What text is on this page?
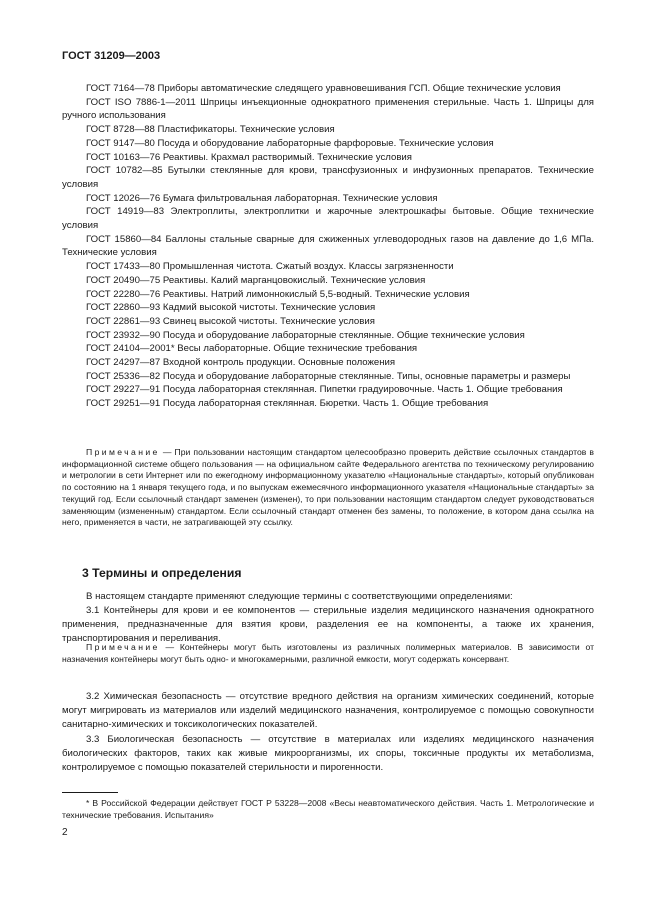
ГОСТ 31209—2003

ГОСТ 7164—78 Приборы автоматические следящего уравновешивания ГСП. Общие технические условия

ГОСТ ISO 7886-1—2011 Шприцы инъекционные однократного применения стерильные. Часть 1. Шприцы для ручного использования

ГОСТ 8728—88 Пластификаторы. Технические условия

ГОСТ 9147—80 Посуда и оборудование лабораторные фарфоровые. Технические условия

ГОСТ 10163—76 Реактивы. Крахмал растворимый. Технические условия

ГОСТ 10782—85 Бутылки стеклянные для крови, трансфузионных и инфузионных препаратов. Технические условия

ГОСТ 12026—76 Бумага фильтровальная лабораторная. Технические условия

ГОСТ 14919—83 Электроплиты, электроплитки и жарочные электрошкафы бытовые. Общие технические условия

ГОСТ 15860—84 Баллоны стальные сварные для сжиженных углеводородных газов на давление до 1,6 МПа. Технические условия

ГОСТ 17433—80 Промышленная чистота. Сжатый воздух. Классы загрязненности

ГОСТ 20490—75 Реактивы. Калий марганцовокислый. Технические условия

ГОСТ 22280—76 Реактивы. Натрий лимоннокислый 5,5-водный. Технические условия

ГОСТ 22860—93 Кадмий высокой чистоты. Технические условия

ГОСТ 22861—93 Свинец высокой чистоты. Технические условия

ГОСТ 23932—90 Посуда и оборудование лабораторные стеклянные. Общие технические условия

ГОСТ 24104—2001* Весы лабораторные. Общие технические требования

ГОСТ 24297—87 Входной контроль продукции. Основные положения

ГОСТ 25336—82 Посуда и оборудование лабораторные стеклянные. Типы, основные параметры и размеры

ГОСТ 29227—91 Посуда лабораторная стеклянная. Пипетки градуировочные. Часть 1. Общие требования

ГОСТ 29251—91 Посуда лабораторная стеклянная. Бюретки. Часть 1. Общие требования

Примечание — При пользовании настоящим стандартом целесообразно проверить действие ссылочных стандартов в информационной системе общего пользования — на официальном сайте Федерального агентства по техническому регулированию и метрологии в сети Интернет или по ежегодному информационному указателю «Национальные стандарты», который опубликован по состоянию на 1 января текущего года, и по выпускам ежемесячного информационного указателя «Национальные стандарты» за текущий год. Если ссылочный стандарт заменен (изменен), то при пользовании настоящим стандартом следует руководствоваться заменяющим (измененным) стандартом. Если ссылочный стандарт отменен без замены, то положение, в котором дана ссылка на него, применяется в части, не затрагивающей эту ссылку.

3 Термины и определения

В настоящем стандарте применяют следующие термины с соответствующими определениями:

3.1 Контейнеры для крови и ее компонентов — стерильные изделия медицинского назначения однократного применения, предназначенные для взятия крови, разделения ее на компоненты, а также их хранения, транспортирования и переливания.

Примечание — Контейнеры могут быть изготовлены из различных полимерных материалов. В зависимости от назначения контейнеры могут быть одно- и многокамерными, различной емкости, могут содержать консервант.

3.2 Химическая безопасность — отсутствие вредного действия на организм химических соединений, которые могут мигрировать из материалов или изделий медицинского назначения, контролируемое с помощью совокупности санитарно-химических и токсикологических показателей.

3.3 Биологическая безопасность — отсутствие в материалах или изделиях медицинского назначения биологических факторов, таких как живые микроорганизмы, их споры, токсичные продукты их метаболизма, контролируемое с помощью показателей стерильности и пирогенности.

* В Российской Федерации действует ГОСТ Р 53228—2008 «Весы неавтоматического действия. Часть 1. Метрологические и технические требования. Испытания»

2
